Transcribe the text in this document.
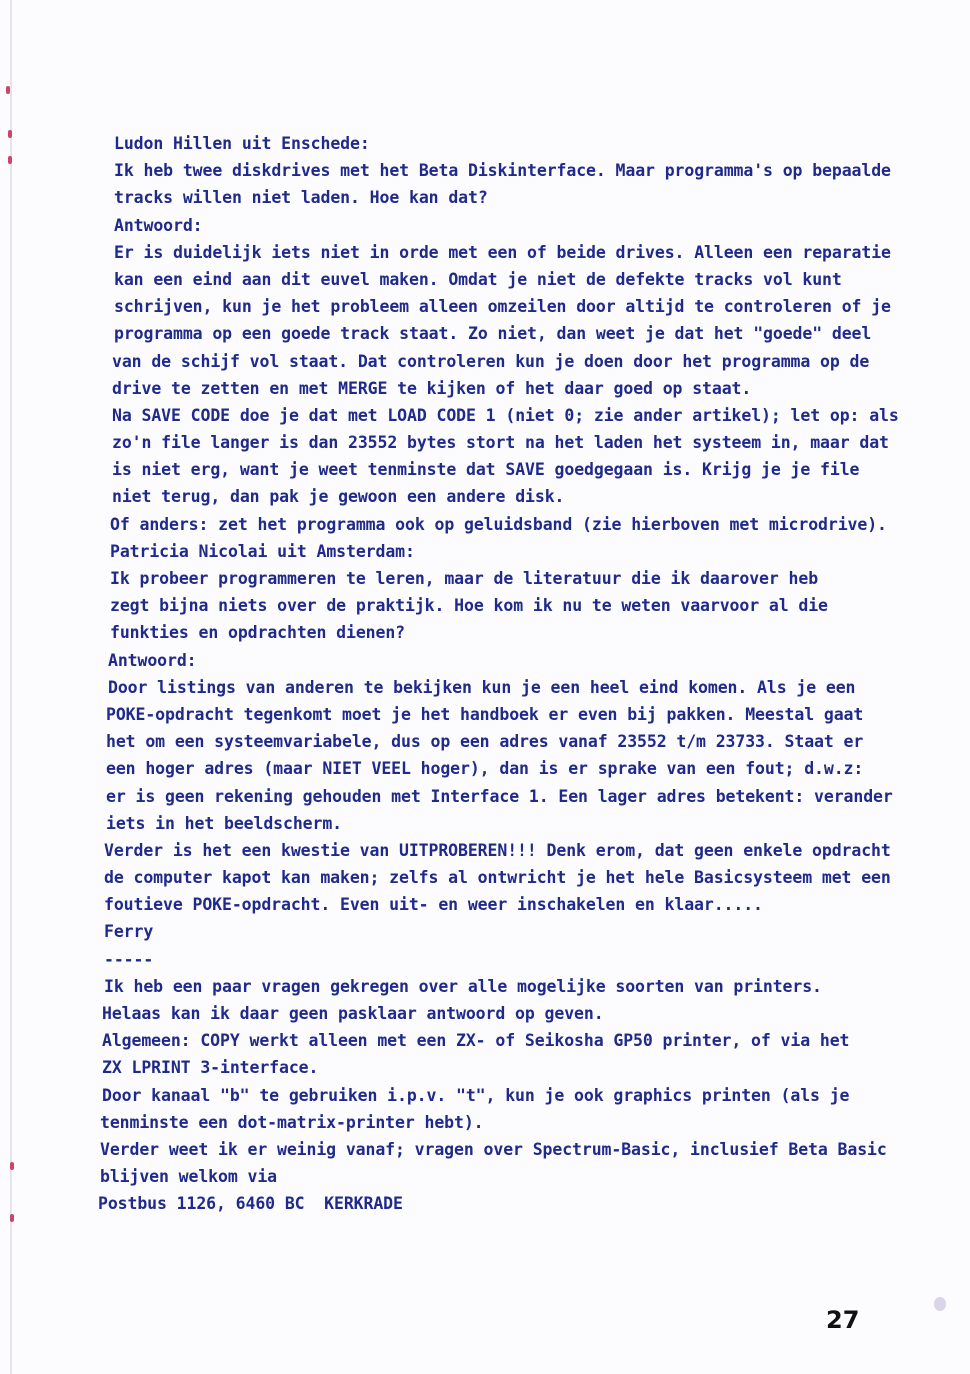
Ludon Hillen uit Enschede:
Ik heb twee diskdrives met het Beta Diskinterface. Maar programma's op bepaalde
tracks willen niet laden. Hoe kan dat?
Antwoord:
Er is duidelijk iets niet in orde met een of beide drives. Alleen een reparatie
kan een eind aan dit euvel maken. Omdat je niet de defekte tracks vol kunt
schrijven, kun je het probleem alleen omzeilen door altijd te controleren of je
programma op een goede track staat. Zo niet, dan weet je dat het "goede" deel
van de schijf vol staat. Dat controleren kun je doen door het programma op de
drive te zetten en met MERGE te kijken of het daar goed op staat.
Na SAVE CODE doe je dat met LOAD CODE 1 (niet 0; zie ander artikel); let op: als
zo'n file langer is dan 23552 bytes stort na het laden het systeem in, maar dat
is niet erg, want je weet tenminste dat SAVE goedgegaan is. Krijg je je file
niet terug, dan pak je gewoon een andere disk.
Of anders: zet het programma ook op geluidsband (zie hierboven met microdrive).
Patricia Nicolai uit Amsterdam:
Ik probeer programmeren te leren, maar de literatuur die ik daarover heb
zegt bijna niets over de praktijk. Hoe kom ik nu te weten vaarvoor al die
funkties en opdrachten dienen?
Antwoord:
Door listings van anderen te bekijken kun je een heel eind komen. Als je een
POKE-opdracht tegenkomt moet je het handboek er even bij pakken. Meestal gaat
het om een systeemvariabele, dus op een adres vanaf 23552 t/m 23733. Staat er
een hoger adres (maar NIET VEEL hoger), dan is er sprake van een fout; d.w.z:
er is geen rekening gehouden met Interface 1. Een lager adres betekent: verander
iets in het beeldscherm.
Verder is het een kwestie van UITPROBEREN!!! Denk erom, dat geen enkele opdracht
de computer kapot kan maken; zelfs al ontwricht je het hele Basicsysteem met een
foutieve POKE-opdracht. Even uit- en weer inschakelen en klaar.....
Ferry
-----
Ik heb een paar vragen gekregen over alle mogelijke soorten van printers.
Helaas kan ik daar geen pasklaar antwoord op geven.
Algemeen: COPY werkt alleen met een ZX- of Seikosha GP50 printer, of via het
ZX LPRINT 3-interface.
Door kanaal "b" te gebruiken i.p.v. "t", kun je ook graphics printen (als je
tenminste een dot-matrix-printer hebt).
Verder weet ik er weinig vanaf; vragen over Spectrum-Basic, inclusief Beta Basic
blijven welkom via
Postbus 1126, 6460 BC  KERKRADE
27
